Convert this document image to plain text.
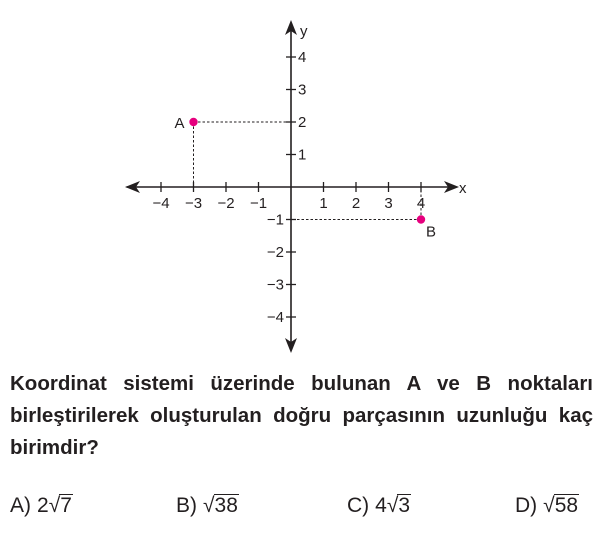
x
y
−4 −3 −2 −1	1 2 3 4
4
3
2
1
−1
−2
−3
−4
A
B

Koordinat sistemi üzerinde bulunan A ve B noktaları birleştirilerek oluşturulan doğru parçasının uzunluğu kaç birimdir?

A) 2√7	B) √38	C) 4√3	D) √58
